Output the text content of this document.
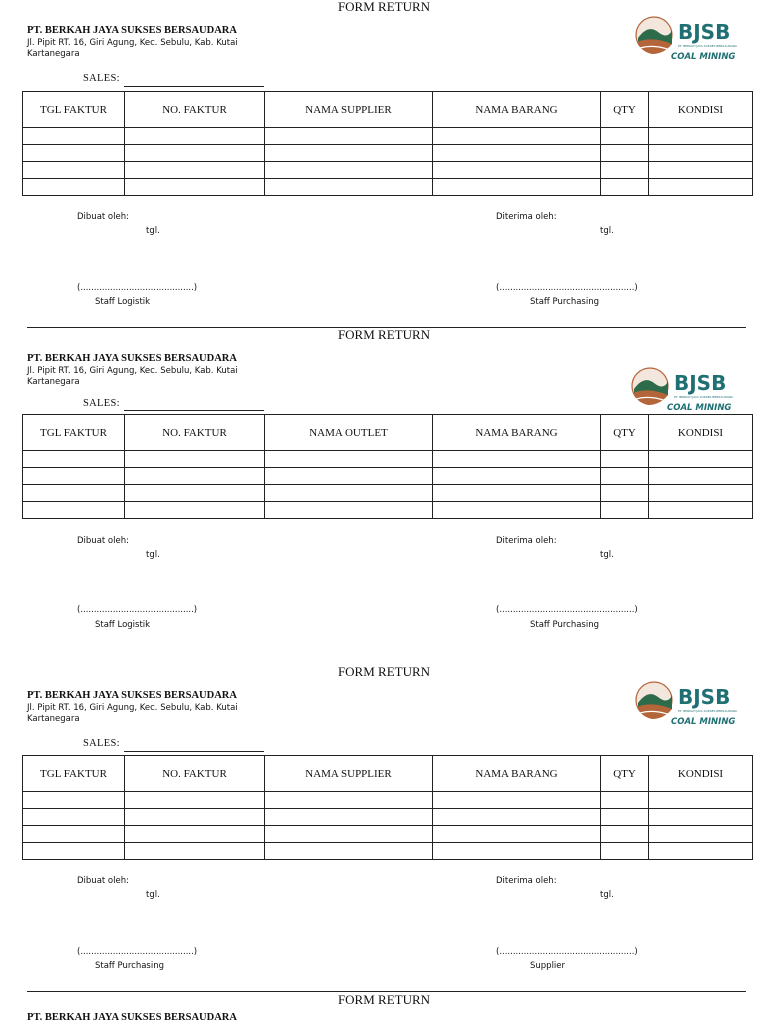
FORM RETURN
PT. BERKAH JAYA SUKSES BERSAUDARA
Jl. Pipit RT. 16, Giri Agung, Kec. Sebulu, Kab. Kutai Kartanegara
BJSB
PT. BERKAH JAYA SUKSES BERSAUDARA
COAL MINING
SALES:
TGL FAKTUR	NO. FAKTUR	NAMA SUPPLIER	NAMA BARANG	QTY	KONDISI

Dibuat oleh:
tgl.
Diterima oleh:
tgl.
(..........................................)
Staff Logistik
(..................................................)
Staff Purchasing
FORM RETURN
PT. BERKAH JAYA SUKSES BERSAUDARA
Jl. Pipit RT. 16, Giri Agung, Kec. Sebulu, Kab. Kutai Kartanegara	BJSB
PT. BERKAH JAYA SUKSES BERSAUDARA
COAL MINING
SALES:
TGL FAKTUR	NO. FAKTUR	NAMA OUTLET	NAMA BARANG	QTY	KONDISI

Dibuat oleh:
tgl.
Diterima oleh:
tgl.
(..........................................)
Staff Logistik
(..................................................)
Staff Purchasing
FORM RETURN
PT. BERKAH JAYA SUKSES BERSAUDARA
Jl. Pipit RT. 16, Giri Agung, Kec. Sebulu, Kab. Kutai Kartanegara
BJSB
PT. BERKAH JAYA SUKSES BERSAUDARA
COAL MINING
SALES:
TGL FAKTUR	NO. FAKTUR	NAMA SUPPLIER	NAMA BARANG	QTY	KONDISI

Dibuat oleh:
tgl.
Diterima oleh:
tgl.
(..........................................)
Staff Purchasing
(..................................................)
Supplier
FORM RETURN
PT. BERKAH JAYA SUKSES BERSAUDARA
